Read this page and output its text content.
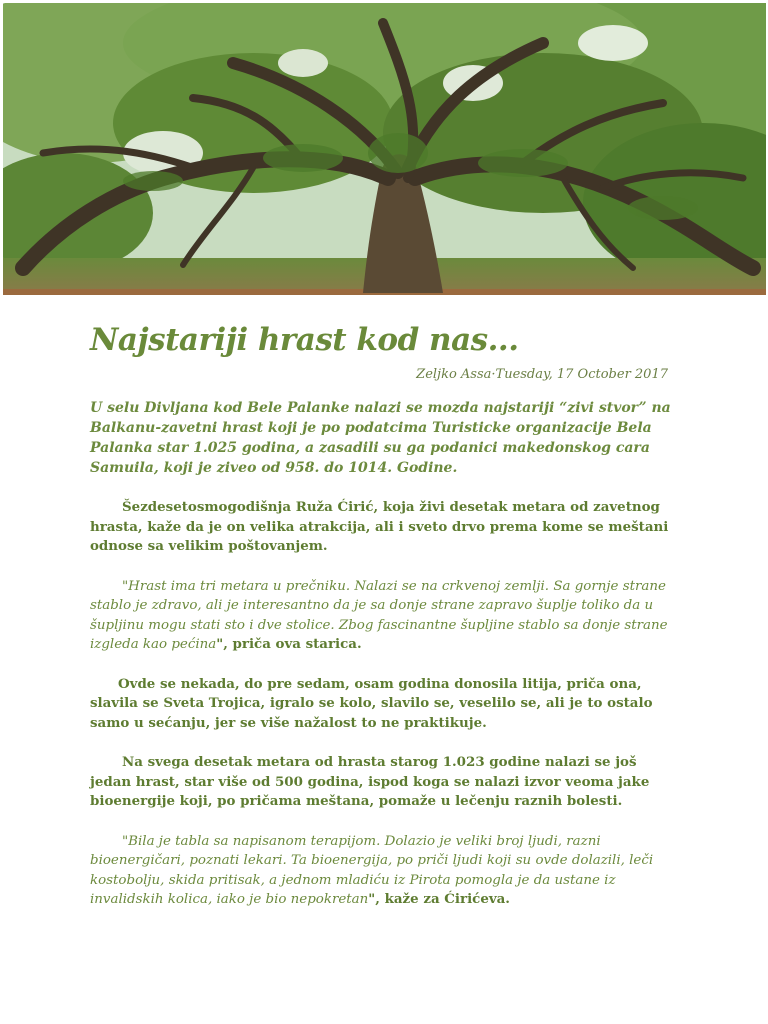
Najstariji hrast kod nas...

Zeljko Assa·Tuesday, 17 October 2017

U selu Divljana kod Bele Palanke nalazi se mozda najstariji “zivi stvor” na Balkanu-zavetni hrast koji je po podatcima Turisticke organizacije Bela Palanka star 1.025 godina, a zasadili su ga podanici makedonskog cara Samuila, koji je ziveo od 958. do 1014. Godine.

Šezdesetosmogodišnja Ruža Ćirić, koja živi desetak metara od zavetnog hrasta, kaže da je on velika atrakcija, ali i sveto drvo prema kome se meštani odnose sa velikim poštovanjem.

"Hrast ima tri metara u prečniku. Nalazi se na crkvenoj zemlji. Sa gornje strane stablo je zdravo, ali je interesantno da je sa donje strane zapravo šuplje toliko da u šupljinu mogu stati sto i dve stolice. Zbog fascinantne šupljine stablo sa donje strane izgleda kao pećina", priča ova starica.

Ovde se nekada, do pre sedam, osam godina donosila litija, priča ona, slavila se Sveta Trojica, igralo se kolo, slavilo se, veselilo se, ali je to ostalo samo u sećanju, jer se više nažalost to ne praktikuje.

Na svega desetak metara od hrasta starog 1.023 godine nalazi se još jedan hrast, star više od 500 godina, ispod koga se nalazi izvor veoma jake bioenergije koji, po pričama meštana, pomaže u lečenju raznih bolesti.

"Bila je tabla sa napisanom terapijom. Dolazio je veliki broj ljudi, razni bioenergičari, poznati lekari. Ta bioenergija, po priči ljudi koji su ovde dolazili, leči kostobolju, skida pritisak, a jednom mladiću iz Pirota pomogla je da ustane iz invalidskih kolica, iako je bio nepokretan", kaže za Ćirićeva.
